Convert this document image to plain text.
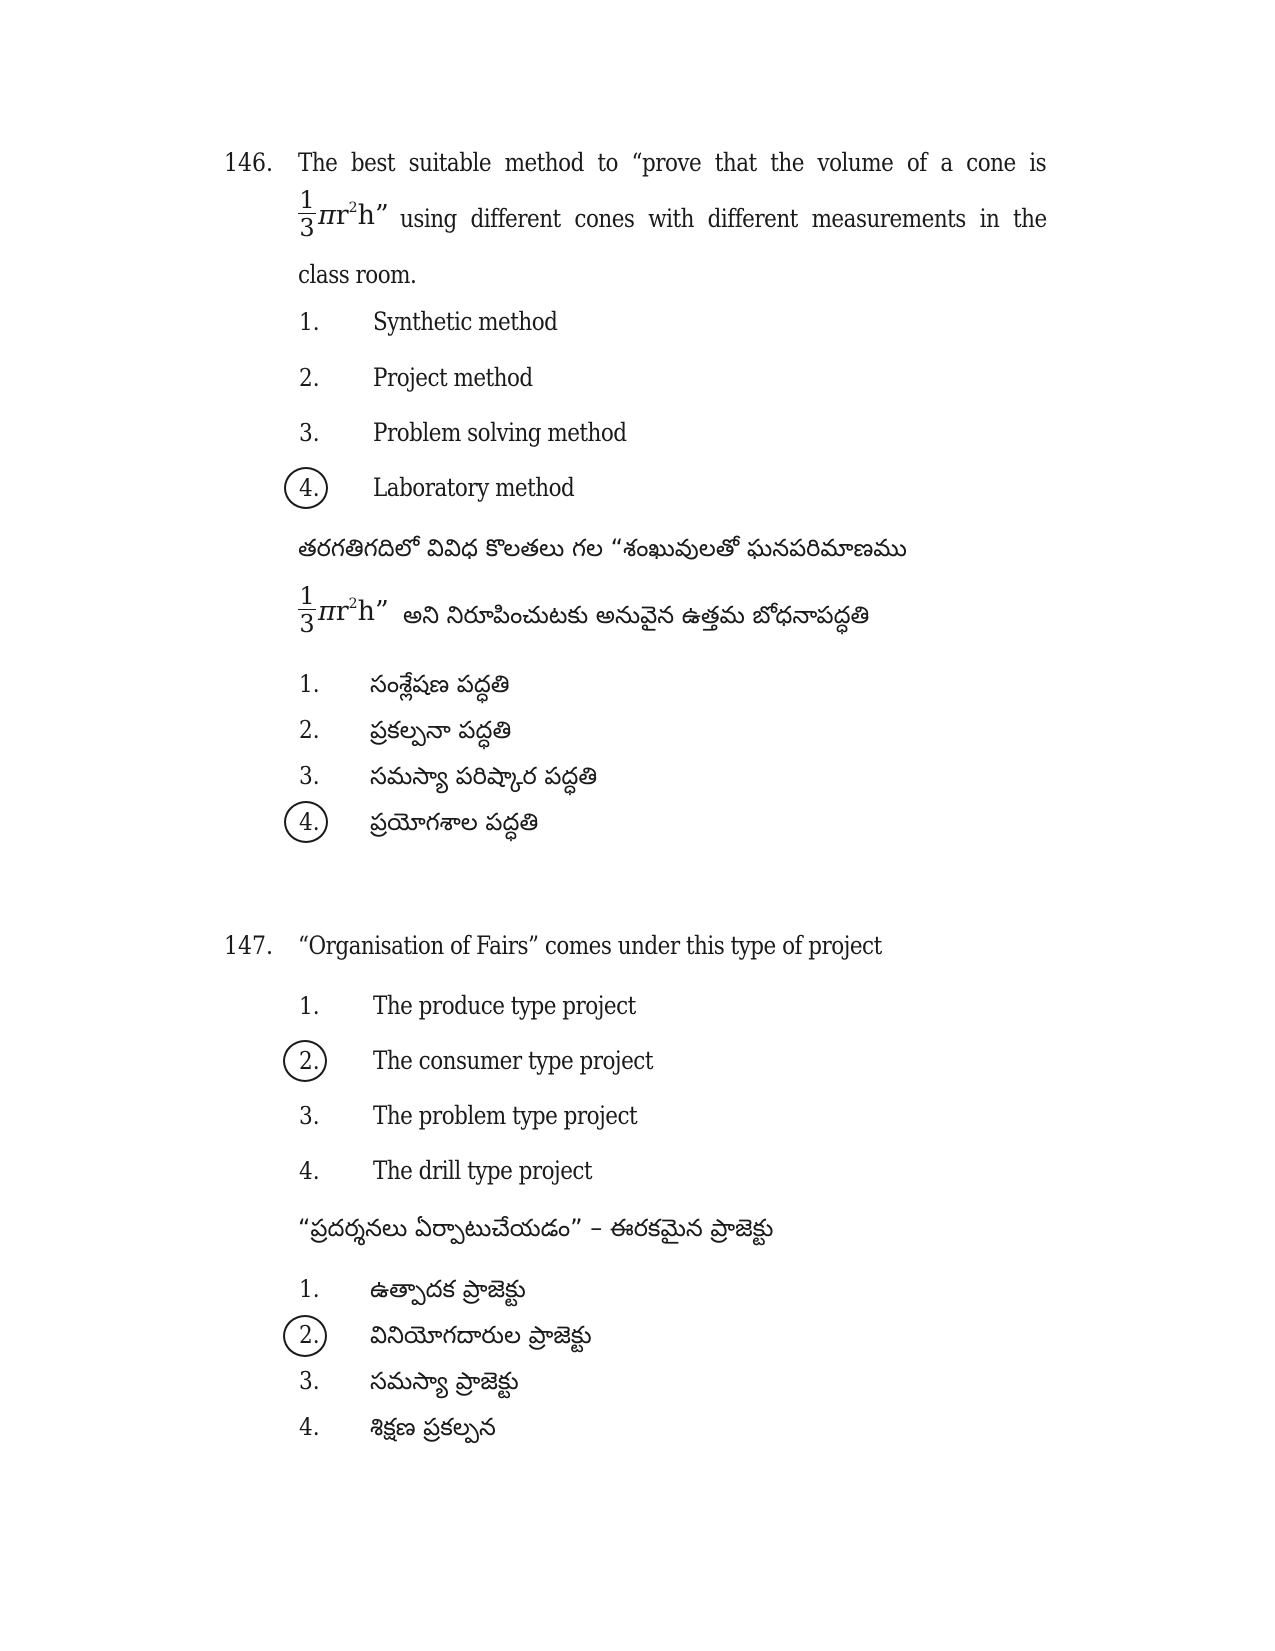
146. The best suitable method to “prove that the volume of a cone is
1
3 $\pi r^2h$” using different cones with different measurements in the
class room.
1. Synthetic method
2. Project method
3. Problem solving method
4. Laboratory method
తరగతిగదిలో వివిధ కొలతలు గల “శంఖువులతో ఘనపరిమాణము
1
3 $\pi r^2h$” అని నిరూపించుటకు అనువైన ఉత్తమ బోధనాపద్ధతి
1. సంశ్లేషణ పద్ధతి
2. ప్రకల్పనా పద్ధతి
3. సమస్యా పరిష్కార పద్ధతి
4. ప్రయోగశాల పద్ధతి
147. “Organisation of Fairs” comes under this type of project
1. The produce type project
2. The consumer type project
3. The problem type project
4. The drill type project
“ప్రదర్శనలు ఏర్పాటుచేయడం” – ఈరకమైన ప్రాజెక్టు
1. ఉత్పాదక ప్రాజెక్టు
2. వినియోగదారుల ప్రాజెక్టు
3. సమస్యా ప్రాజెక్టు
4. శిక్షణ ప్రకల్పన
